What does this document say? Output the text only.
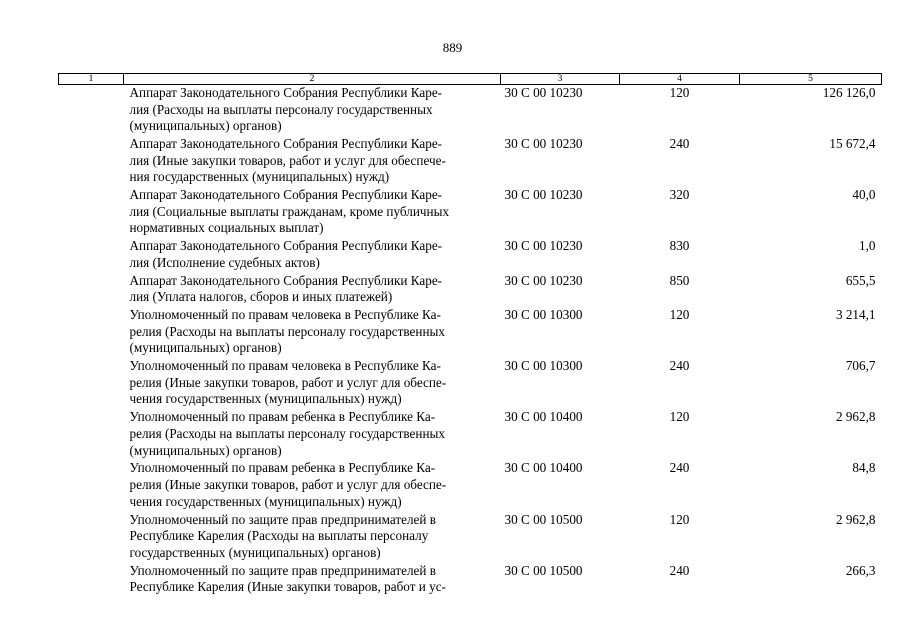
889
1	2	3	4	5

	Аппарат Законодательного Собрания Республики Каре-
лия (Расходы на выплаты персоналу государственных
(муниципальных) органов)	30 С 00 10230	120	126 126,0

	Аппарат Законодательного Собрания Республики Каре-
лия (Иные закупки товаров, работ и услуг для обеспече-
ния государственных (муниципальных) нужд)	30 С 00 10230	240	15 672,4

	Аппарат Законодательного Собрания Республики Каре-
лия (Социальные выплаты гражданам, кроме публичных
нормативных социальных выплат)	30 С 00 10230	320	40,0

	Аппарат Законодательного Собрания Республики Каре-
лия (Исполнение судебных актов)	30 С 00 10230	830	1,0

	Аппарат Законодательного Собрания Республики Каре-
лия (Уплата налогов, сборов и иных платежей)	30 С 00 10230	850	655,5

	Уполномоченный по правам человека в Республике Ка-
релия (Расходы на выплаты персоналу государственных
(муниципальных) органов)	30 С 00 10300	120	3 214,1

	Уполномоченный по правам человека в Республике Ка-
релия (Иные закупки товаров, работ и услуг для обеспе-
чения государственных (муниципальных) нужд)	30 С 00 10300	240	706,7

	Уполномоченный по правам ребенка в Республике Ка-
релия (Расходы на выплаты персоналу государственных
(муниципальных) органов)	30 С 00 10400	120	2 962,8

	Уполномоченный по правам ребенка в Республике Ка-
релия (Иные закупки товаров, работ и услуг для обеспе-
чения государственных (муниципальных) нужд)	30 С 00 10400	240	84,8

	Уполномоченный по защите прав предпринимателей в
Республике Карелия (Расходы на выплаты персоналу
государственных (муниципальных) органов)	30 С 00 10500	120	2 962,8

	Уполномоченный по защите прав предпринимателей в
Республике Карелия (Иные закупки товаров, работ и ус-	30 С 00 10500	240	266,3
